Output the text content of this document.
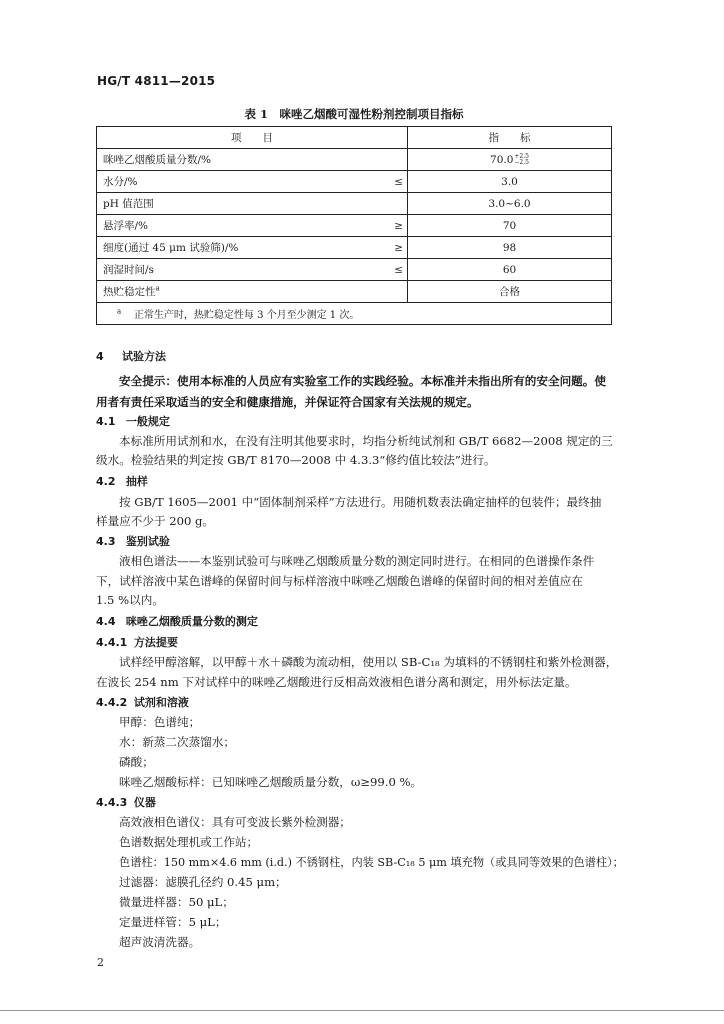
HG/T 4811—2015
表 1　咪唑乙烟酸可湿性粉剂控制项目指标
项　　目		指　　标
咪唑乙烟酸质量分数/%		70.0 +2.5
−2.5

水分/%	≤	3.0
pH 值范围		3.0~6.0
悬浮率/%	≥	70
细度(通过 45 μm 试验筛)/%	≥	98
润湿时间/s	≤	60
热贮稳定性$^a$		合格
$^a$ 正常生产时，热贮稳定性每 3 个月至少测定 1 次。		
4 试验方法
安全提示：使用本标准的人员应有实验室工作的实践经验。本标准并未指出所有的安全问题。使
用者有责任采取适当的安全和健康措施，并保证符合国家有关法规的规定。
4.1 一般规定
本标准所用试剂和水，在没有注明其他要求时，均指分析纯试剂和 GB/T 6682—2008 规定的三
级水。检验结果的判定按 GB/T 8170—2008 中 4.3.3“修约值比较法”进行。
4.2 抽样
按 GB/T 1605—2001 中“固体制剂采样”方法进行。用随机数表法确定抽样的包装件；最终抽
样量应不少于 200 g。
4.3 鉴别试验
液相色谱法——本鉴别试验可与咪唑乙烟酸质量分数的测定同时进行。在相同的色谱操作条件
下，试样溶液中某色谱峰的保留时间与标样溶液中咪唑乙烟酸色谱峰的保留时间的相对差值应在
1.5 %以内。
4.4 咪唑乙烟酸质量分数的测定
4.4.1 方法提要
试样经甲醇溶解，以甲醇＋水＋磷酸为流动相，使用以 SB-C₁₈ 为填料的不锈钢柱和紫外检测器，
在波长 254 nm 下对试样中的咪唑乙烟酸进行反相高效液相色谱分离和测定，用外标法定量。
4.4.2 试剂和溶液
甲醇：色谱纯；
水：新蒸二次蒸馏水；
磷酸；
咪唑乙烟酸标样：已知咪唑乙烟酸质量分数，ω≥99.0 %。
4.4.3 仪器
高效液相色谱仪：具有可变波长紫外检测器；
色谱数据处理机或工作站；
色谱柱：150 mm×4.6 mm (i.d.) 不锈钢柱，内装 SB-C₁₈ 5 μm 填充物（或具同等效果的色谱柱）；
过滤器：滤膜孔径约 0.45 μm；
微量进样器：50 μL；
定量进样管：5 μL；
超声波清洗器。
2
